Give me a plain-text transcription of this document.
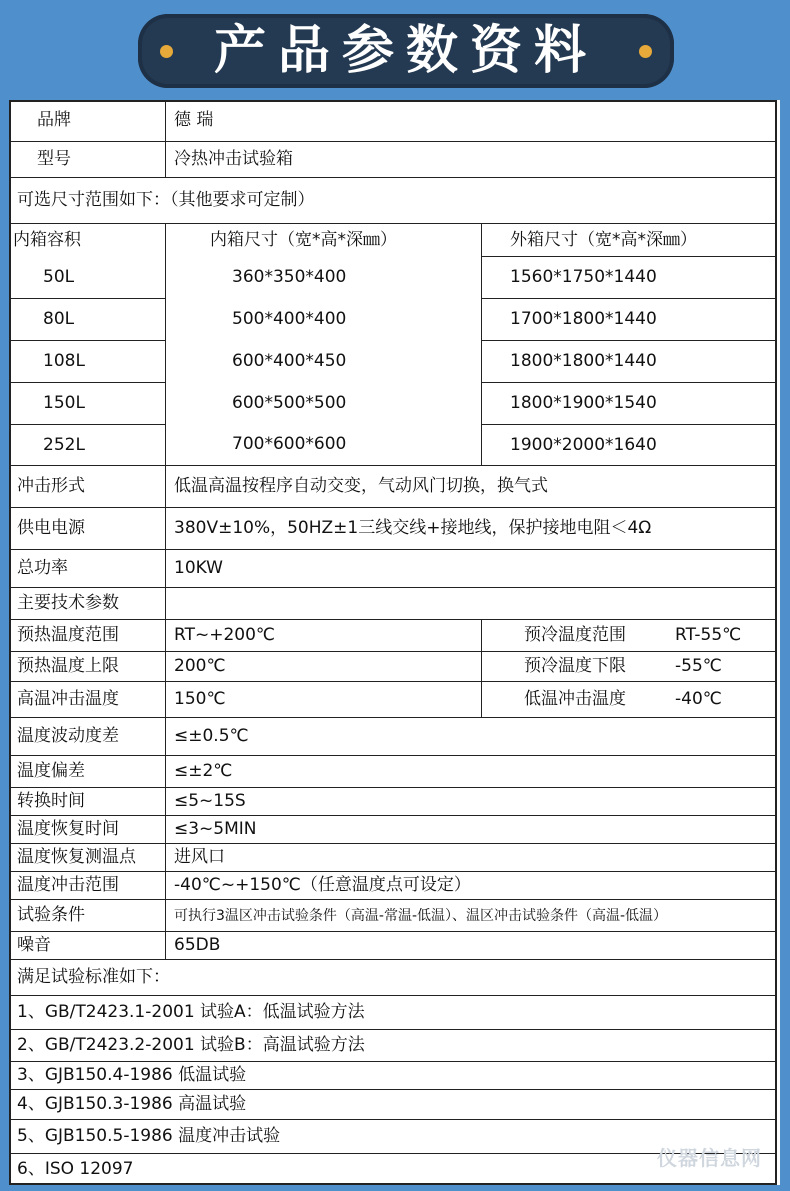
产品参数资料
品牌	德 瑞
型号	冷热冲击试验箱
可选尺寸范围如下：（其他要求可定制）
内箱容积	内箱尺寸（宽*高*深㎜）	外箱尺寸（宽*高*深㎜）
50L	360*350*400	1560*1750*1440
80L	500*400*400	1700*1800*1440
108L	600*400*450	1800*1800*1440
150L	600*500*500	1800*1900*1540
252L	700*600*600	1900*2000*1640
冲击形式	低温高温按程序自动交变，气动风门切换，换气式
供电电源	380V±10%，50HZ±1三线交线+接地线，保护接地电阻＜4Ω
总功率	10KW
主要技术参数
预热温度范围	RT~+200℃	预冷温度范围	RT-55℃
预热温度上限	200℃	预冷温度下限	-55℃
高温冲击温度	150℃	低温冲击温度	-40℃
温度波动度差	≤±0.5℃
温度偏差	≤±2℃
转换时间	≤5~15S
温度恢复时间	≤3~5MIN
温度恢复测温点	进风口
温度冲击范围	-40℃~+150℃（任意温度点可设定）
试验条件	可执行3温区冲击试验条件（高温-常温-低温）、温区冲击试验条件（高温-低温）
噪音	65DB
满足试验标准如下：
1、GB/T2423.1-2001 试验A：低温试验方法
2、GB/T2423.2-2001 试验B：高温试验方法
3、GJB150.4-1986 低温试验
4、GJB150.3-1986 高温试验
5、GJB150.5-1986 温度冲击试验
6、ISO 12097	仪器信息网
